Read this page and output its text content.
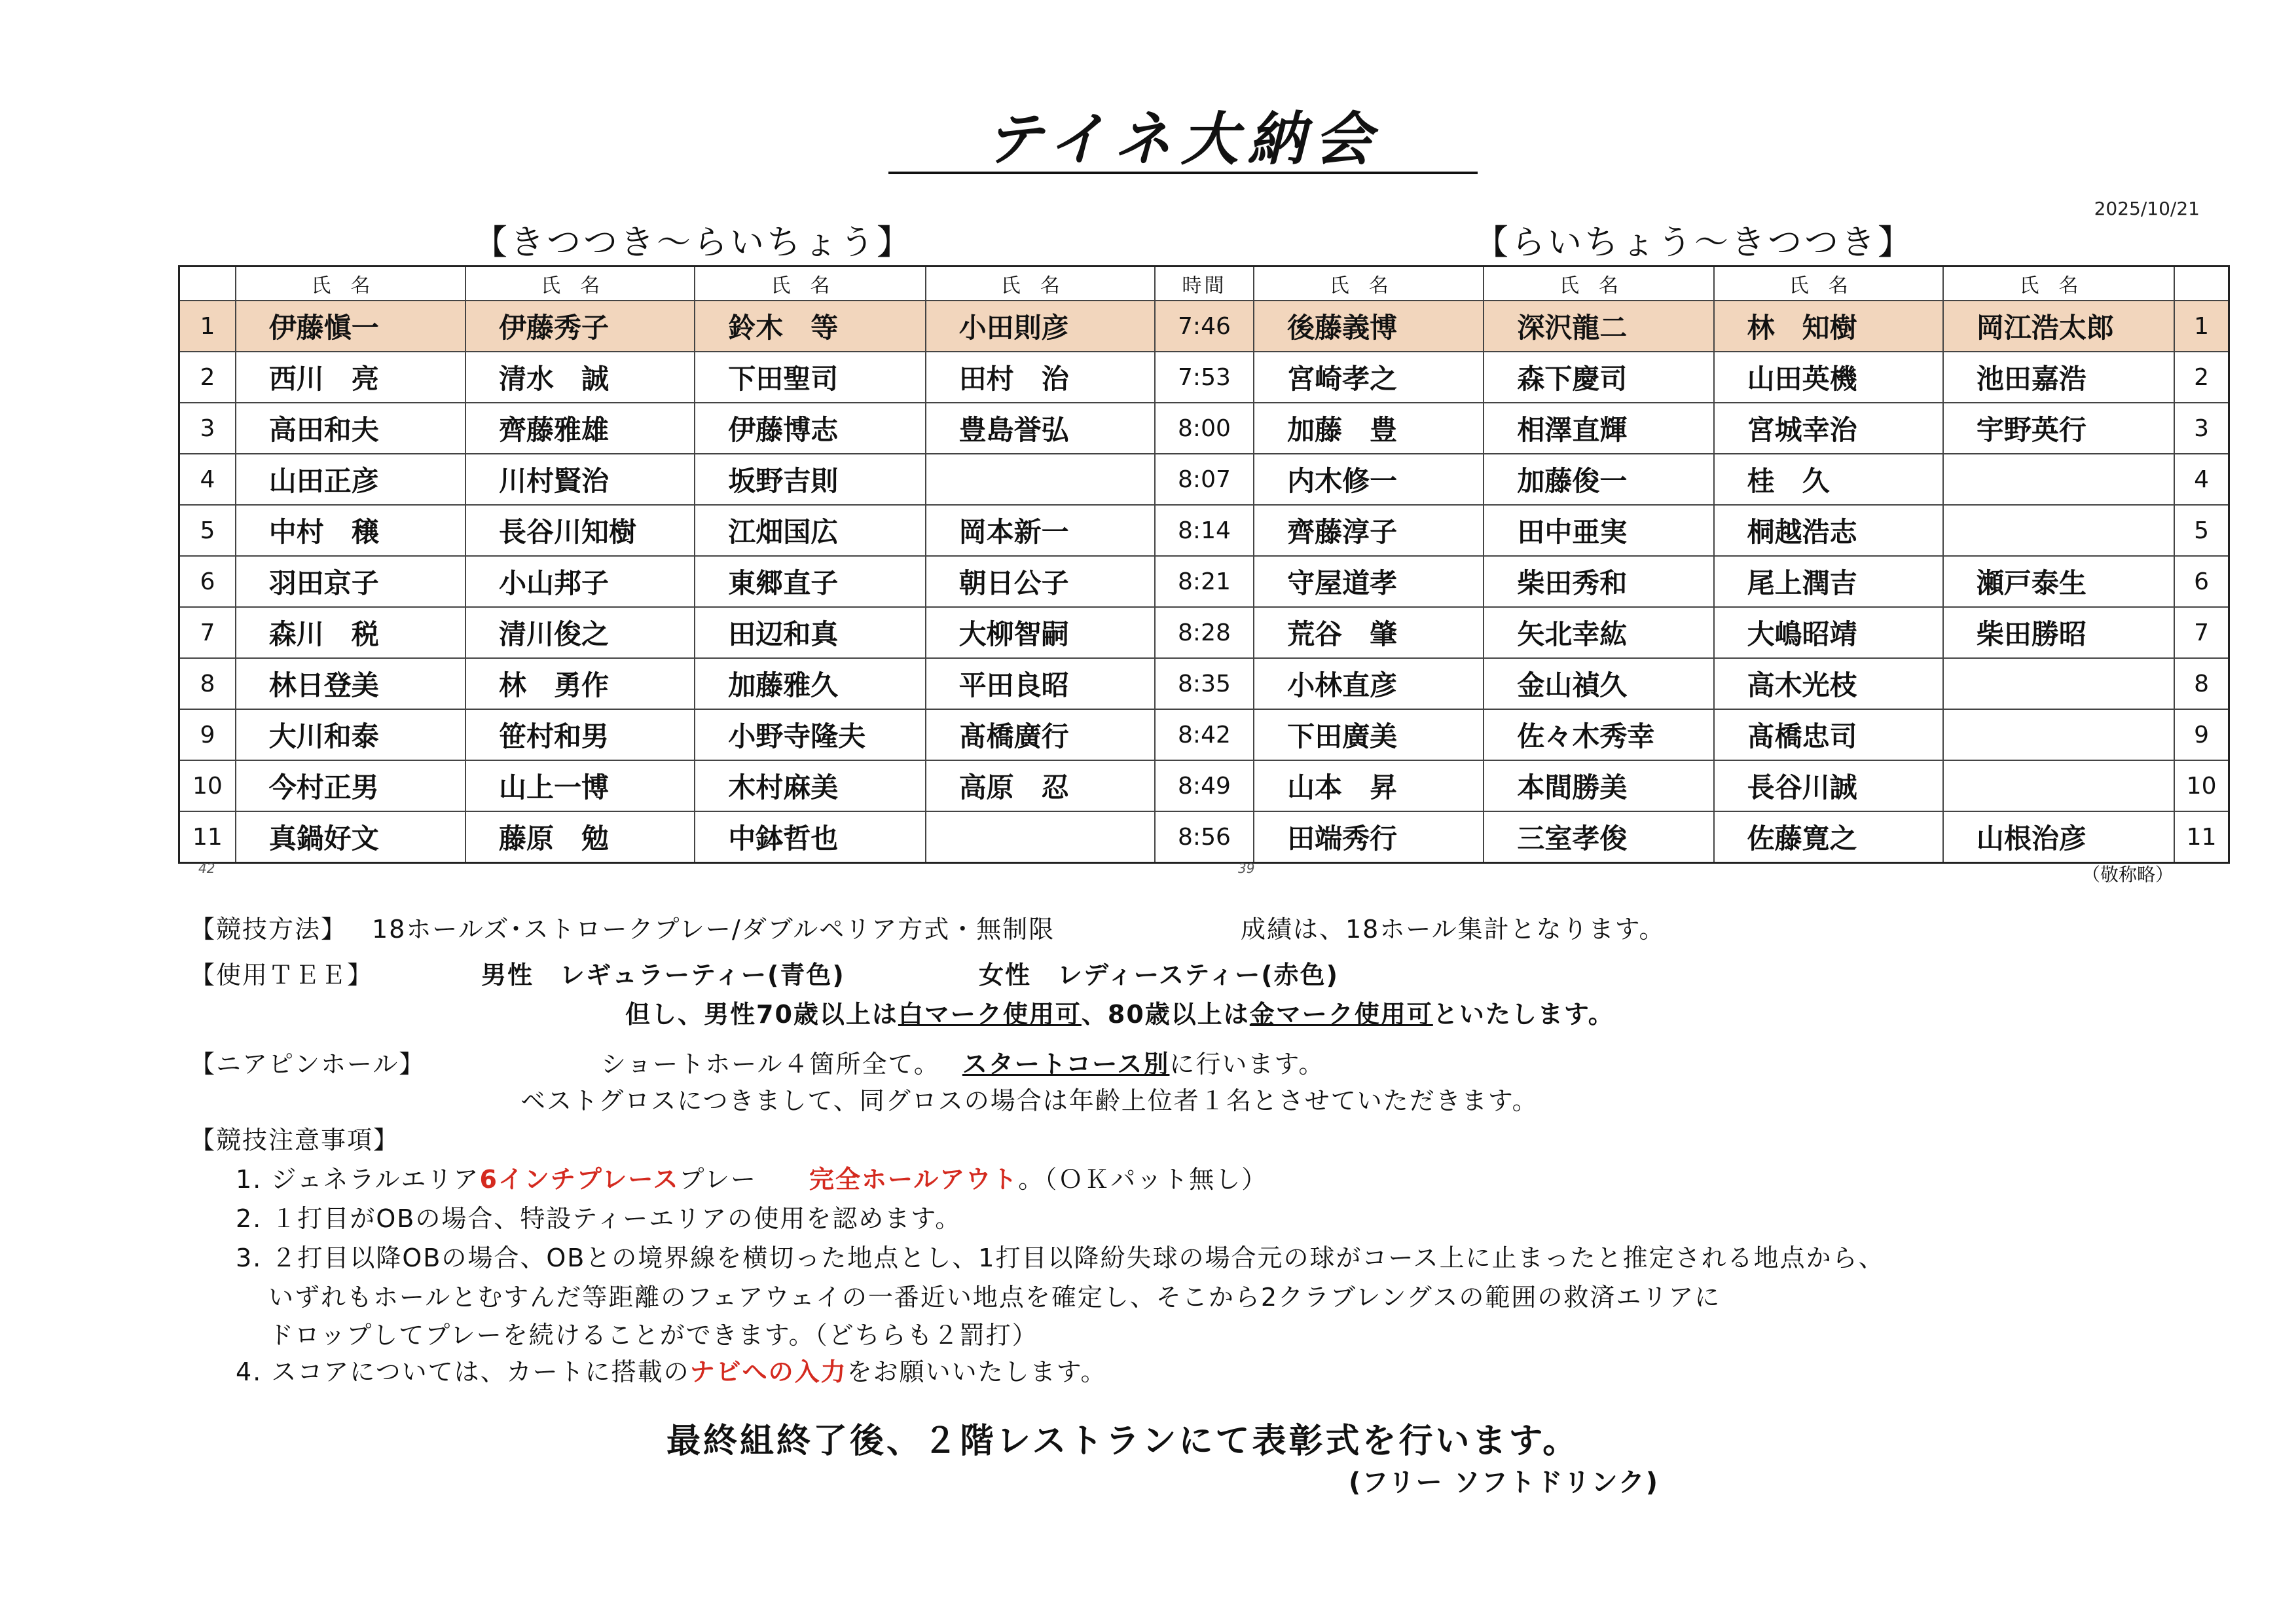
テイネ大納会
2025/10/21
【きつつき〜らいちょう】	【らいちょう〜きつつき】
	氏名	氏名	氏名	氏名	時間	氏名	氏名	氏名	氏名	
1	伊藤愼一	伊藤秀子	鈴木　等	小田則彦	7:46	後藤義博	深沢龍二	林　知樹	岡江浩太郎	1
2	西川　亮	清水　誠	下田聖司	田村　治	7:53	宮崎孝之	森下慶司	山田英機	池田嘉浩	2
3	高田和夫	齊藤雅雄	伊藤博志	豊島誉弘	8:00	加藤　豊	相澤直輝	宮城幸治	宇野英行	3
4	山田正彦	川村賢治	坂野吉則		8:07	内木修一	加藤俊一	桂　久		4
5	中村　穣	長谷川知樹	江畑国広	岡本新一	8:14	齊藤淳子	田中亜実	桐越浩志		5
6	羽田京子	小山邦子	東郷直子	朝日公子	8:21	守屋道孝	柴田秀和	尾上潤吉	瀬戸泰生	6
7	森川　税	清川俊之	田辺和真	大柳智嗣	8:28	荒谷　肇	矢北幸紘	大嶋昭靖	柴田勝昭	7
8	林日登美	林　勇作	加藤雅久	平田良昭	8:35	小林直彦	金山禎久	高木光枝		8
9	大川和泰	笹村和男	小野寺隆夫	髙橋廣行	8:42	下田廣美	佐々木秀幸	髙橋忠司		9
10	今村正男	山上一博	木村麻美	高原　忍	8:49	山本　昇	本間勝美	長谷川誠		10
11	真鍋好文	藤原　勉	中鉢哲也		8:56	田端秀行	三室孝俊	佐藤寛之	山根治彦	11
42	39	（敬称略）
【競技方法】 18ホールズ･ストロークプレー/ダブルペリア方式・無制限	成績は、18ホール集計となります。
【使用ＴＥＥ】	男性　レギュラーティー(青色)	女性　レディースティー(赤色)
但し、男性70歳以上は白マーク使用可、80歳以上は金マーク使用可といたします。
【ニアピンホール】	ショートホール４箇所全て。 スタートコース別に行います。
ベストグロスにつきまして、同グロスの場合は年齢上位者１名とさせていただきます。
【競技注意事項】
1. ジェネラルエリア6インチプレースプレー 完全ホールアウト。（ＯＫパット無し）
2. １打目がOBの場合、特設ティーエリアの使用を認めます。
3. ２打目以降OBの場合、OBとの境界線を横切った地点とし、1打目以降紛失球の場合元の球がコース上に止まったと推定される地点から、
いずれもホールとむすんだ等距離のフェアウェイの一番近い地点を確定し、そこから2クラブレングスの範囲の救済エリアに
ドロップしてプレーを続けることができます。（どちらも２罰打）
4. スコアについては、カートに搭載のナビへの入力をお願いいたします。
最終組終了後、２階レストランにて表彰式を行います。
(フリー ソフトドリンク)
